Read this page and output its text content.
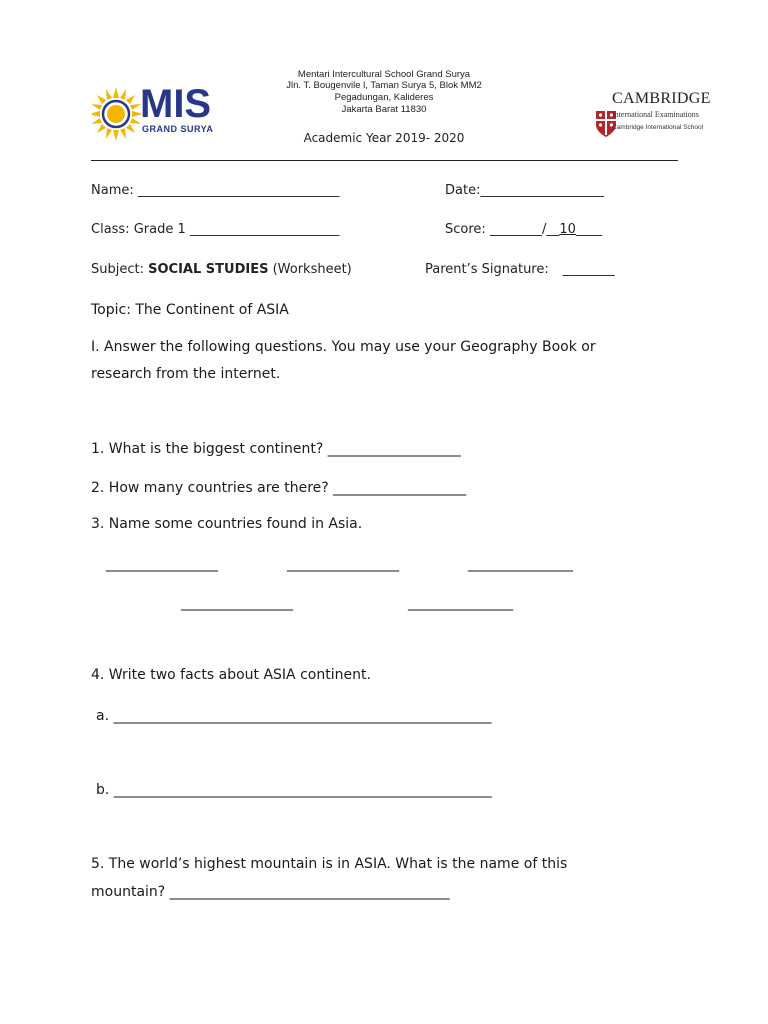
MIS
GRAND SURYA
Mentari Intercultural School Grand Surya
Jln. T. Bougenvile l, Taman Surya 5, Blok MM2
Pegadungan, Kalideres
Jakarta Barat 11830
Academic Year 2019- 2020

CAMBRIDGE
International Examinations
Cambridge International School
Name: _______________________________	Date:___________________
Class: Grade 1 _______________________	Score: ________/__10____
Subject: SOCIAL STUDIES (Worksheet)	Parent’s Signature: ________
Topic: The Continent of ASIA
I. Answer the following questions. You may use your Geography Book or
research from the internet.
1. What is the biggest continent? ___________________
2. How many countries are there? ___________________
3. Name some countries found in Asia.
________________	________________	_______________
________________	_______________
4. Write two facts about ASIA continent.
a. ______________________________________________________
b. ______________________________________________________
5. The world’s highest mountain is in ASIA. What is the name of this
mountain? ________________________________________
